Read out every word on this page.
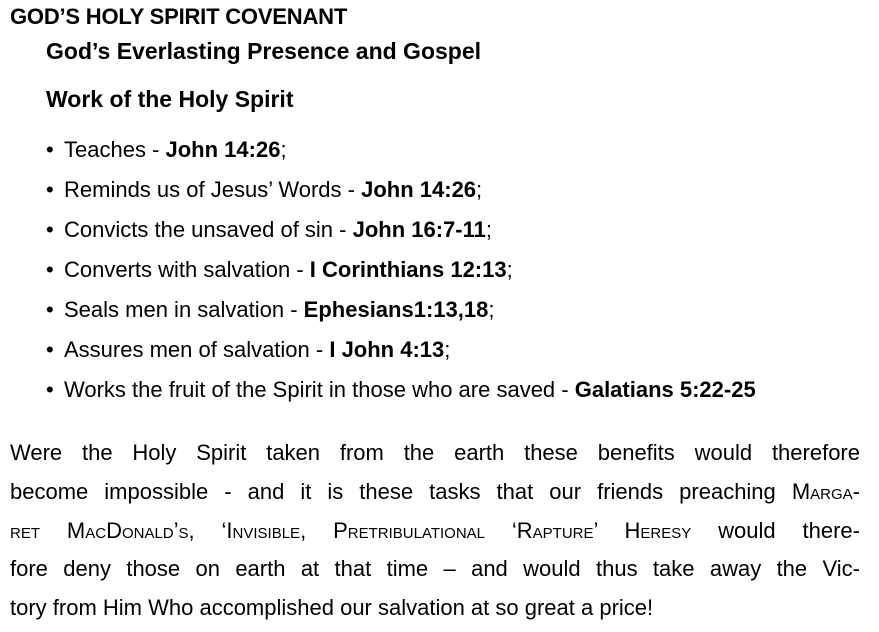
GOD’S HOLY SPIRIT COVENANT
God’s Everlasting Presence and Gospel
Work of the Holy Spirit
• Teaches - John 14:26;
• Reminds us of Jesus’ Words - John 14:26;
• Convicts the unsaved of sin - John 16:7-11;
• Converts with salvation - I Corinthians 12:13;
• Seals men in salvation - Ephesians1:13,18;
• Assures men of salvation - I John 4:13;
• Works the fruit of the Spirit in those who are saved - Galatians 5:22-25
Were the Holy Spirit taken from the earth these benefits would therefore
become impossible - and it is these tasks that our friends preaching Marga-
ret MacDonald’s, ‘Invisible, Pretribulational ‘Rapture’ Heresy would there-
fore deny those on earth at that time – and would thus take away the Vic-
tory from Him Who accomplished our salvation at so great a price!
